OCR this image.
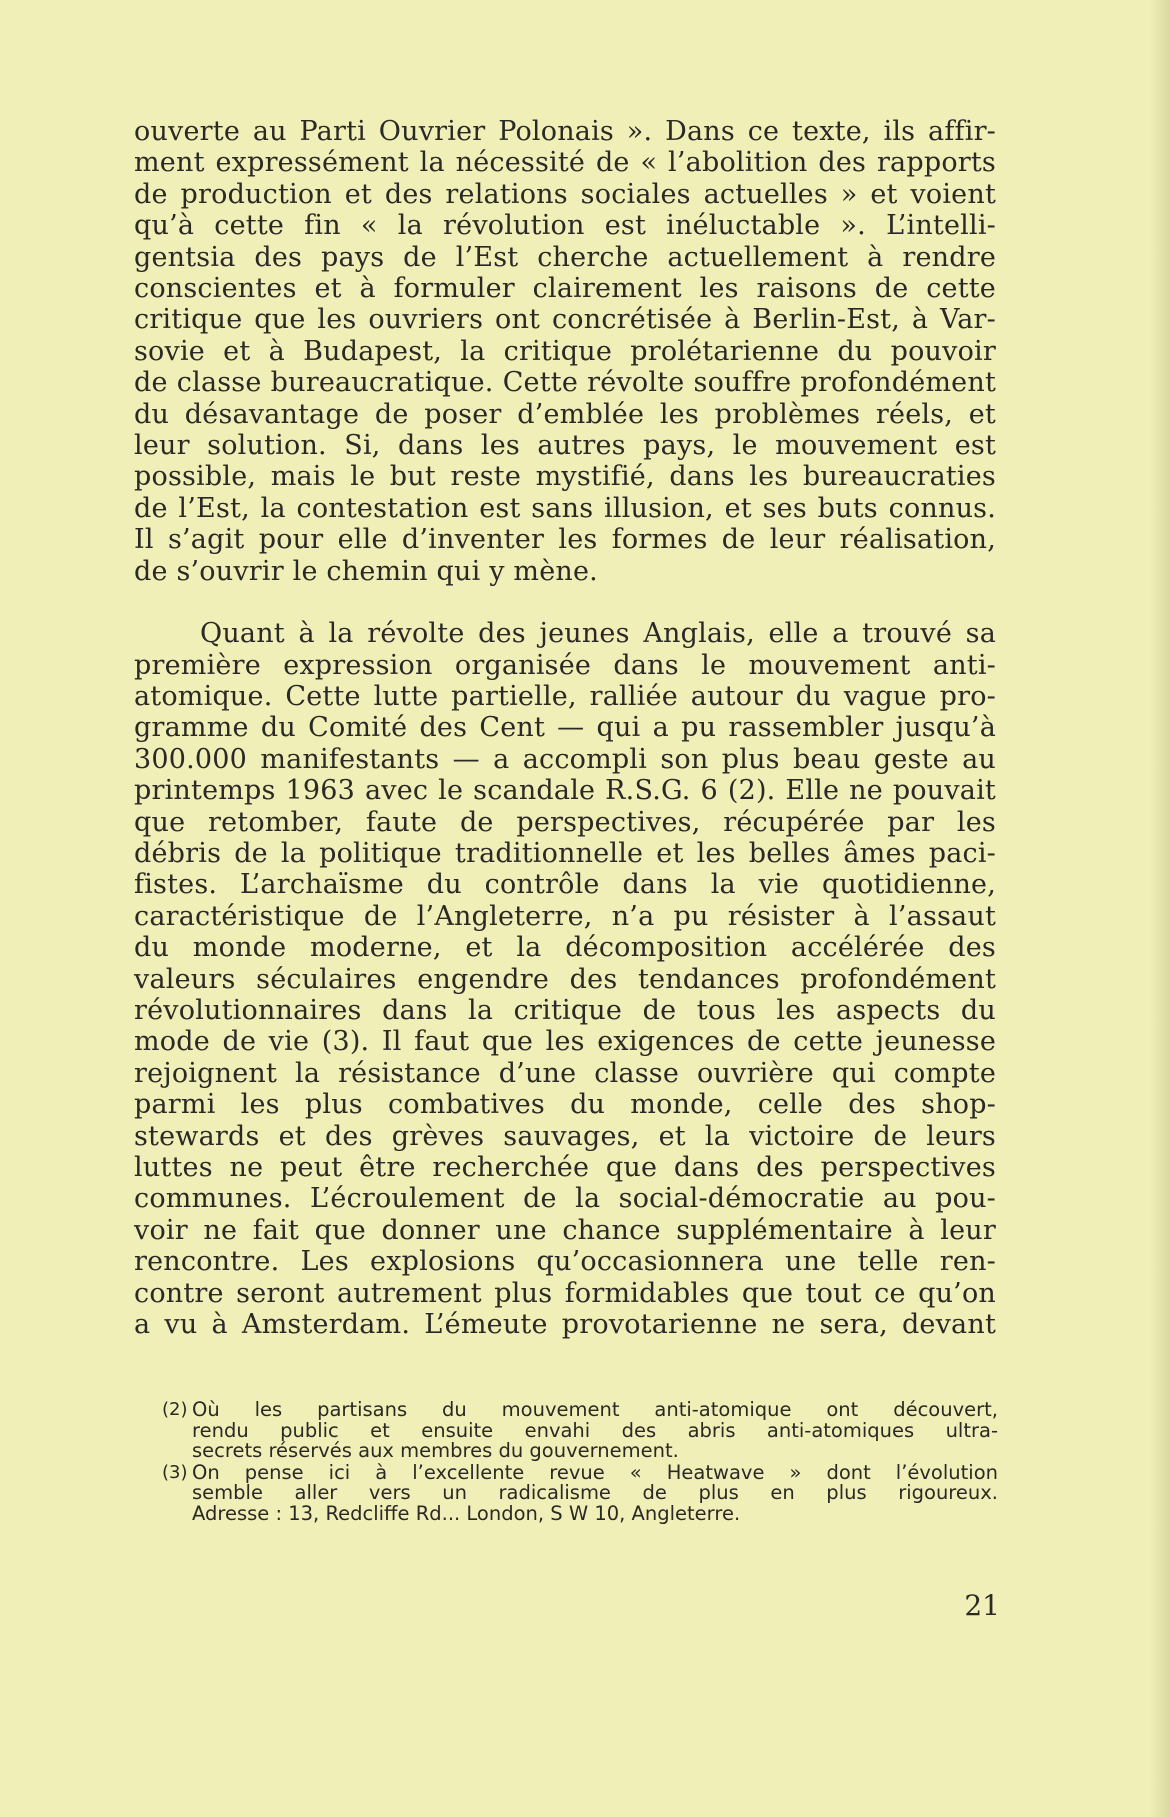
ouverte au Parti Ouvrier Polonais ». Dans ce texte, ils affir-
ment expressément la nécessité de « l’abolition des rapports
de production et des relations sociales actuelles » et voient
qu’à cette fin « la révolution est inéluctable ». L’intelli-
gentsia des pays de l’Est cherche actuellement à rendre
conscientes et à formuler clairement les raisons de cette
critique que les ouvriers ont concrétisée à Berlin-Est, à Var-
sovie et à Budapest, la critique prolétarienne du pouvoir
de classe bureaucratique. Cette révolte souffre profondément
du désavantage de poser d’emblée les problèmes réels, et
leur solution. Si, dans les autres pays, le mouvement est
possible, mais le but reste mystifié, dans les bureaucraties
de l’Est, la contestation est sans illusion, et ses buts connus.
Il s’agit pour elle d’inventer les formes de leur réalisation,
de s’ouvrir le chemin qui y mène.

Quant à la révolte des jeunes Anglais, elle a trouvé sa
première expression organisée dans le mouvement anti-
atomique. Cette lutte partielle, ralliée autour du vague pro-
gramme du Comité des Cent — qui a pu rassembler jusqu’à
300.000 manifestants — a accompli son plus beau geste au
printemps 1963 avec le scandale R.S.G. 6 (2). Elle ne pouvait
que retomber, faute de perspectives, récupérée par les
débris de la politique traditionnelle et les belles âmes paci-
fistes. L’archaïsme du contrôle dans la vie quotidienne,
caractéristique de l’Angleterre, n’a pu résister à l’assaut
du monde moderne, et la décomposition accélérée des
valeurs séculaires engendre des tendances profondément
révolutionnaires dans la critique de tous les aspects du
mode de vie (3). Il faut que les exigences de cette jeunesse
rejoignent la résistance d’une classe ouvrière qui compte
parmi les plus combatives du monde, celle des shop-
stewards et des grèves sauvages, et la victoire de leurs
luttes ne peut être recherchée que dans des perspectives
communes. L’écroulement de la social-démocratie au pou-
voir ne fait que donner une chance supplémentaire à leur
rencontre. Les explosions qu’occasionnera une telle ren-
contre seront autrement plus formidables que tout ce qu’on
a vu à Amsterdam. L’émeute provotarienne ne sera, devant

(2) Où les partisans du mouvement anti-atomique ont découvert,
rendu public et ensuite envahi des abris anti-atomiques ultra-
secrets réservés aux membres du gouvernement.
(3) On pense ici à l’excellente revue « Heatwave » dont l’évolution
semble aller vers un radicalisme de plus en plus rigoureux.
Adresse : 13, Redcliffe Rd... London, S W 10, Angleterre.
21
